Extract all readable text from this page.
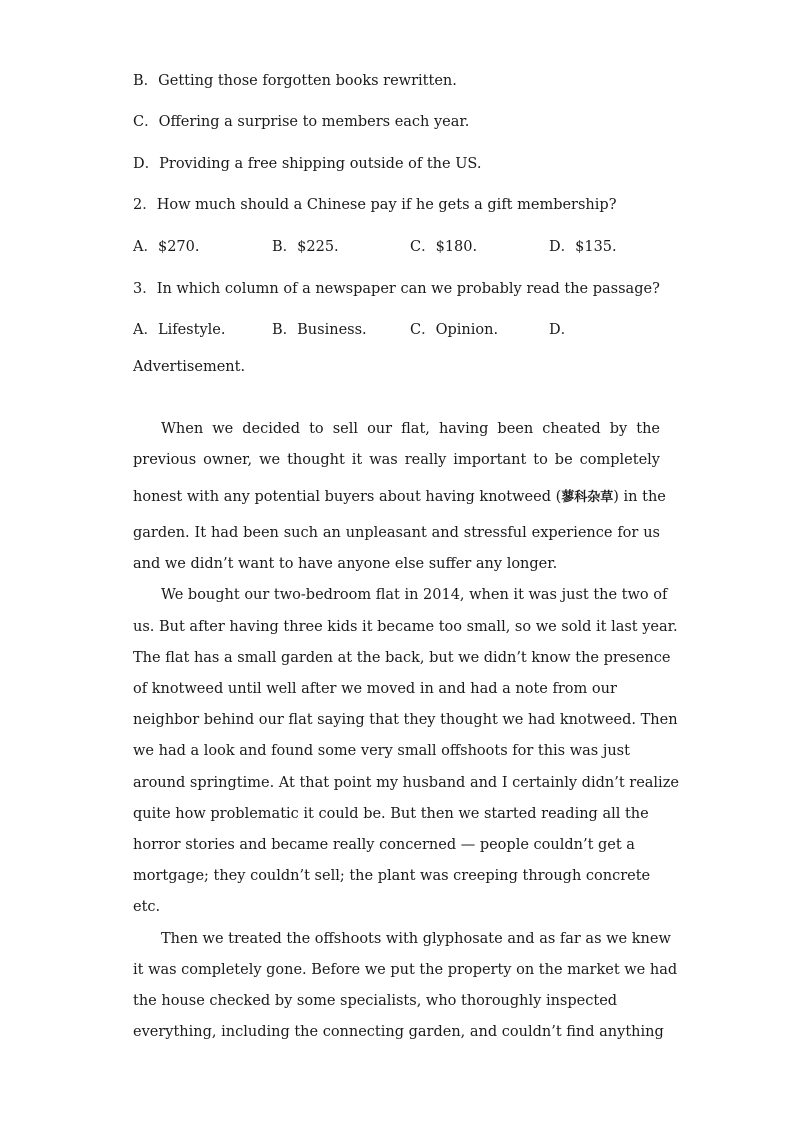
B．Getting those forgotten books rewritten.
C．Offering a surprise to members each year.
D．Providing a free shipping outside of the US.
2．How much should a Chinese pay if he gets a gift membership?
A．$270.	B．$225.	C．$180.	D．$135.
3．In which column of a newspaper can we probably read the passage?
A．Lifestyle.	B．Business.	C．Opinion.	D．
Advertisement.
When we decided to sell our flat, having been cheated by the
previous owner, we thought it was really important to be completely
honest with any potential buyers about having knotweed (蓼科杂草) in the
garden. It had been such an unpleasant and stressful experience for us
and we didn’t want to have anyone else suffer any longer.
We bought our two-bedroom flat in 2014, when it was just the two of
us. But after having three kids it became too small, so we sold it last year.
The flat has a small garden at the back, but we didn’t know the presence
of knotweed until well after we moved in and had a note from our
neighbor behind our flat saying that they thought we had knotweed. Then
we had a look and found some very small offshoots for this was just
around springtime. At that point my husband and I certainly didn’t realize
quite how problematic it could be. But then we started reading all the
horror stories and became really concerned — people couldn’t get a
mortgage; they couldn’t sell; the plant was creeping through concrete
etc.
Then we treated the offshoots with glyphosate and as far as we knew
it was completely gone. Before we put the property on the market we had
the house checked by some specialists, who thoroughly inspected
everything, including the connecting garden, and couldn’t find anything
